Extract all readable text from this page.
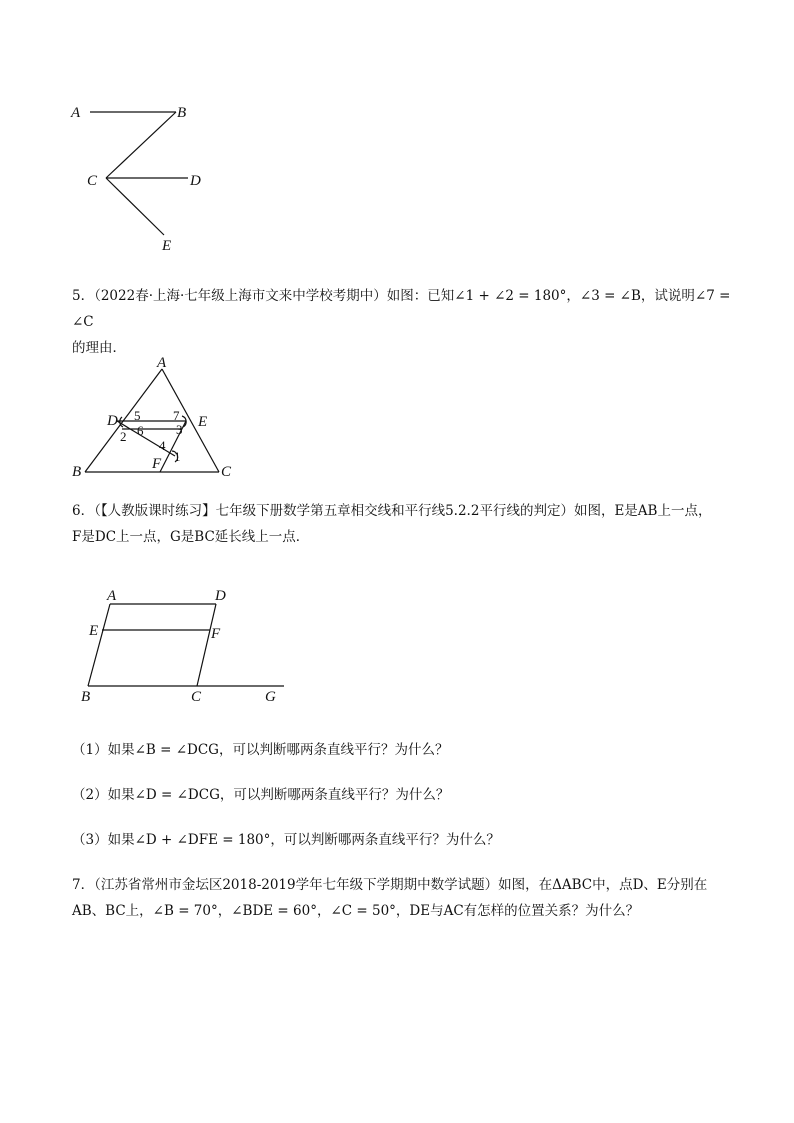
A	B
C	D
E

5．（2022春·上海·七年级上海市文来中学校考期中）如图：已知∠1 + ∠2 = 180°，∠3 = ∠B，试说明∠7 = ∠C
的理由．

A
D	E
B	C
F
5
2 6
7
3
4
1

6．（【人教版课时练习】七年级下册数学第五章相交线和平行线5.2.2平行线的判定）如图，E是AB上一点，
F是DC上一点，G是BC延长线上一点．

A	D
E	F
B	C	G

（1）如果∠B = ∠DCG，可以判断哪两条直线平行？为什么？

（2）如果∠D = ∠DCG，可以判断哪两条直线平行？为什么？

（3）如果∠D + ∠DFE = 180°，可以判断哪两条直线平行？为什么？

7．（江苏省常州市金坛区2018-2019学年七年级下学期期中数学试题）如图，在ΔABC中，点D、E分别在
AB、BC上，∠B = 70°，∠BDE = 60°，∠C = 50°，DE与AC有怎样的位置关系？为什么？
